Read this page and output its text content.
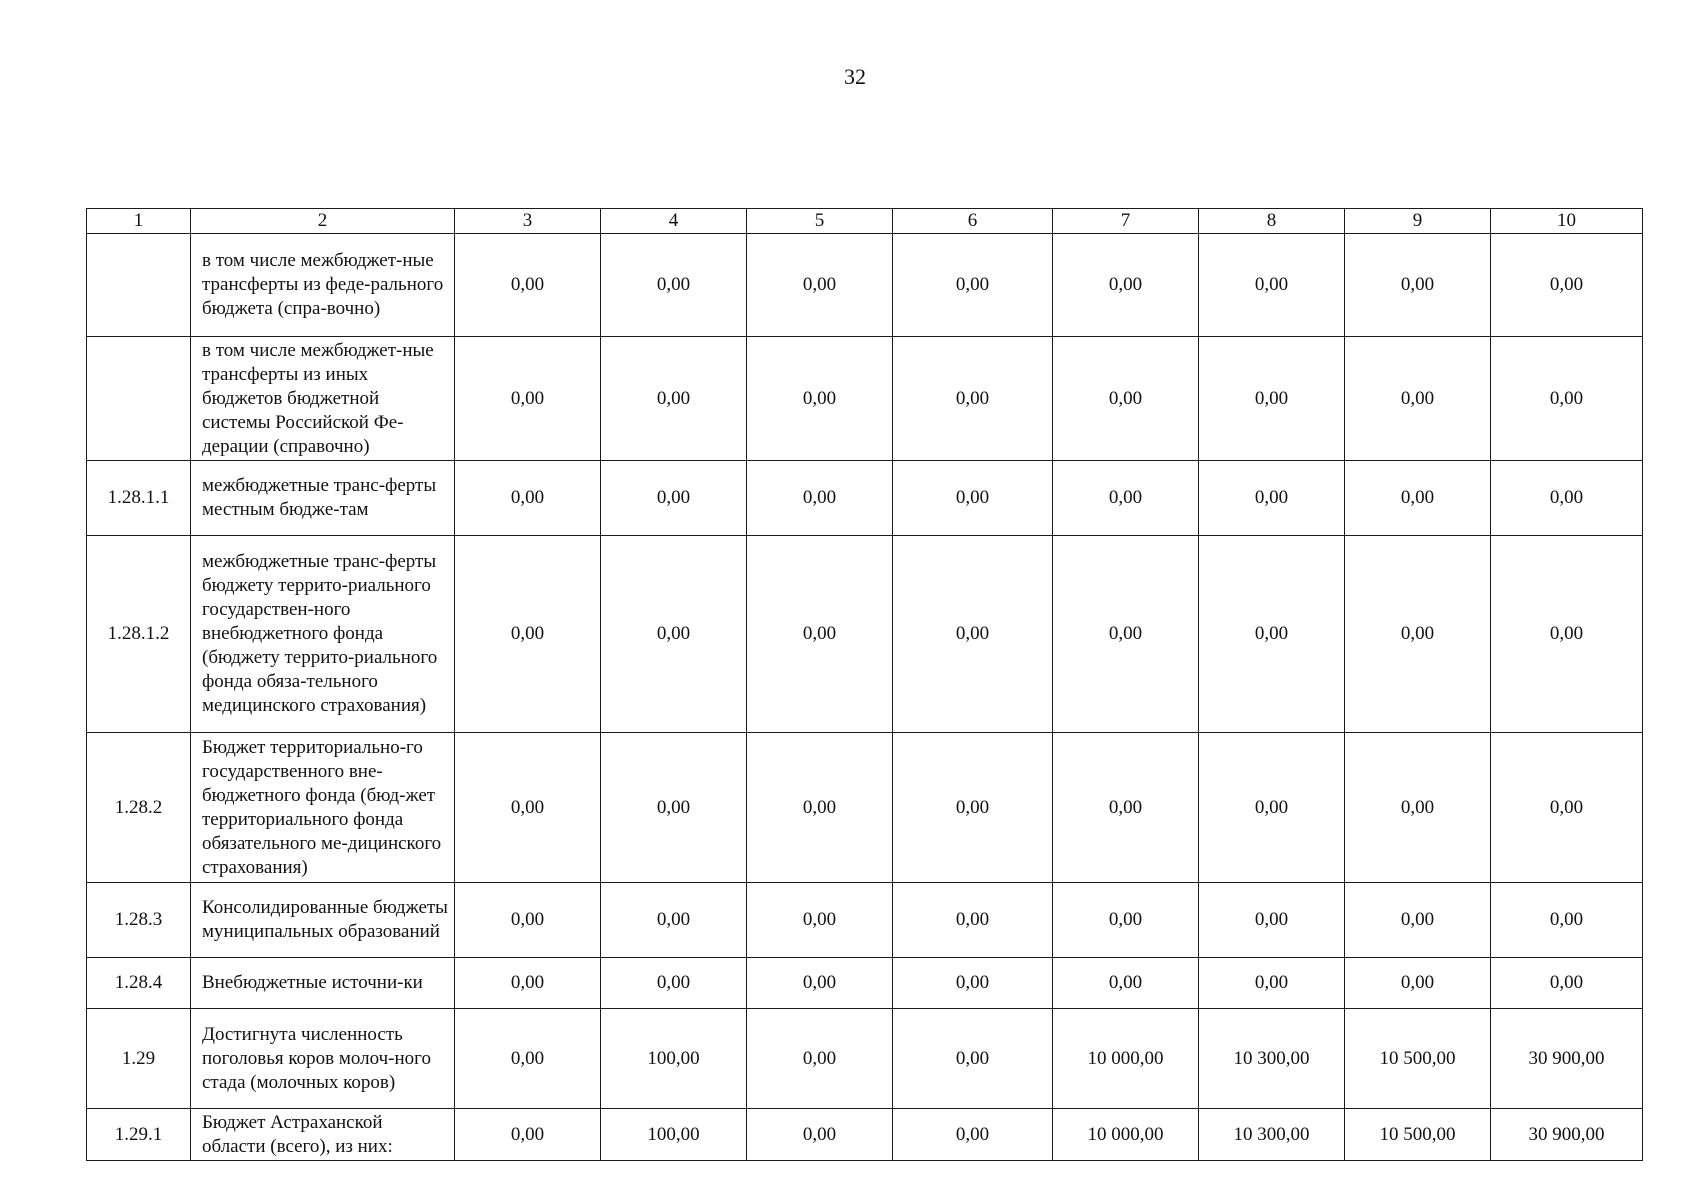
32
1	2	3	4	5	6	7	8	9	10
	в том числе межбюджет-ные трансферты из феде-рального бюджета (спра-вочно)	0,00	0,00	0,00	0,00	0,00	0,00	0,00	0,00
	в том числе межбюджет-ные трансферты из иных бюджетов бюджетной системы Российской Фе-дерации (справочно)	0,00	0,00	0,00	0,00	0,00	0,00	0,00	0,00
1.28.1.1	межбюджетные транс-ферты местным бюдже-там	0,00	0,00	0,00	0,00	0,00	0,00	0,00	0,00
1.28.1.2	межбюджетные транс-ферты бюджету террито-риального государствен-ного внебюджетного фонда (бюджету террито-риального фонда обяза-тельного медицинского страхования)	0,00	0,00	0,00	0,00	0,00	0,00	0,00	0,00
1.28.2	Бюджет территориально-го государственного вне-бюджетного фонда (бюд-жет территориального фонда обязательного ме-дицинского страхования)	0,00	0,00	0,00	0,00	0,00	0,00	0,00	0,00
1.28.3	Консолидированные бюджеты муниципальных образований	0,00	0,00	0,00	0,00	0,00	0,00	0,00	0,00
1.28.4	Внебюджетные источни-ки	0,00	0,00	0,00	0,00	0,00	0,00	0,00	0,00
1.29	Достигнута численность поголовья коров молоч-ного стада (молочных коров)	0,00	100,00	0,00	0,00	10 000,00	10 300,00	10 500,00	30 900,00
1.29.1	Бюджет Астраханской области (всего), из них:	0,00	100,00	0,00	0,00	10 000,00	10 300,00	10 500,00	30 900,00
